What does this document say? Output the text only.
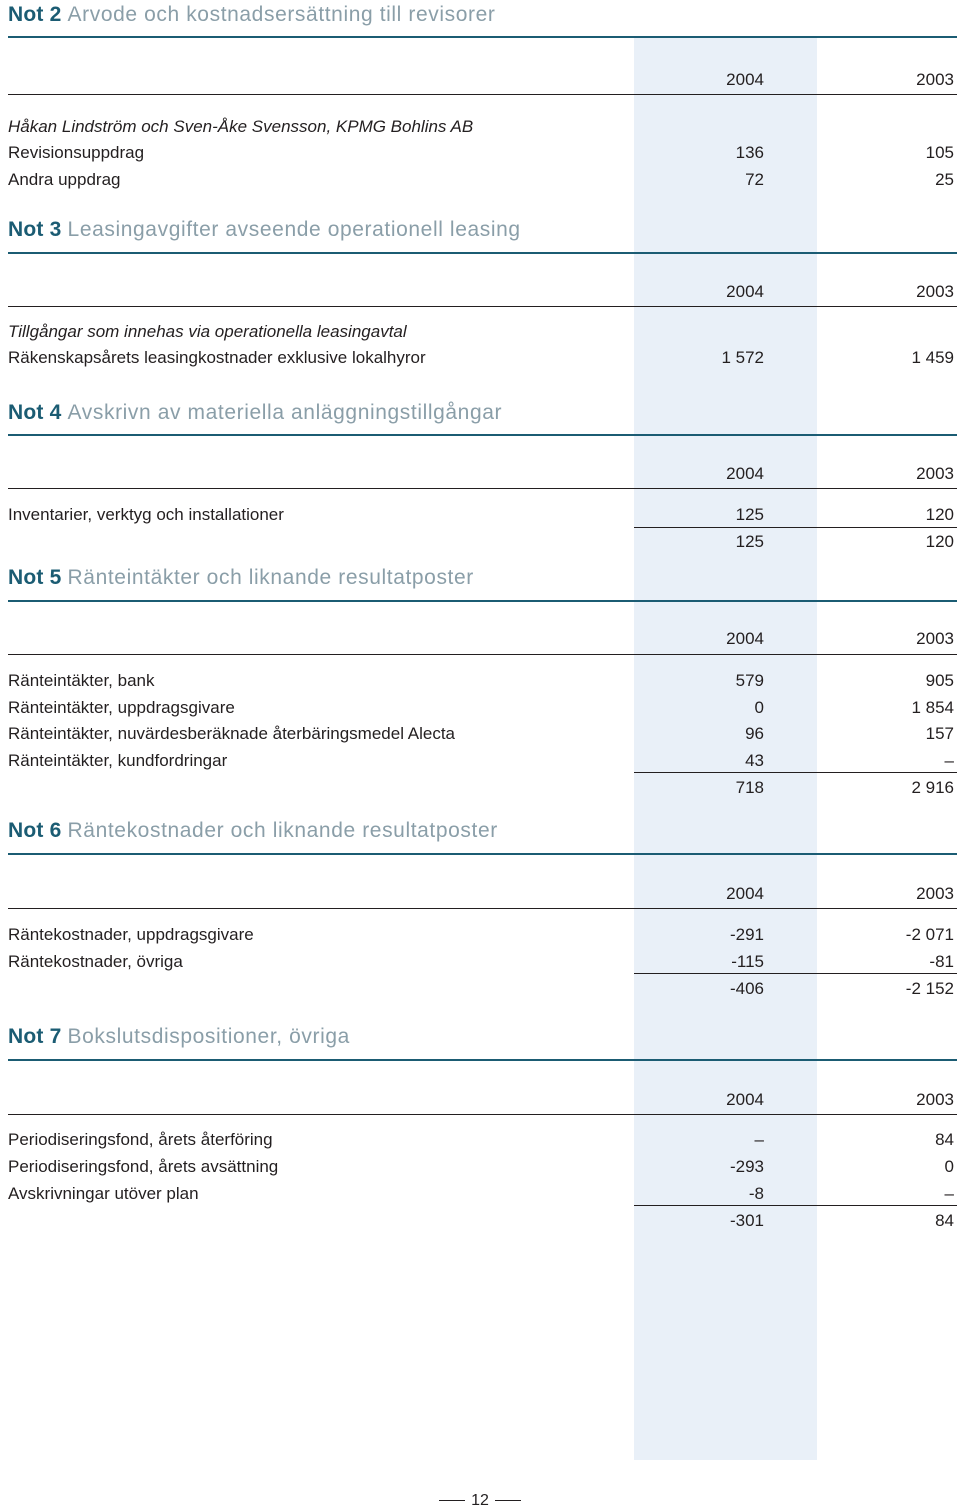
Not 2 Arvode och kostnadsersättning till revisorer
2004	2003
Håkan Lindström och Sven-Åke Svensson, KPMG Bohlins AB
Revisionsuppdrag	136	105
Andra uppdrag	72	25
Not 3 Leasingavgifter avseende operationell leasing
2004	2003
Tillgångar som innehas via operationella leasingavtal
Räkenskapsårets leasingkostnader exklusive lokalhyror	1 572	1 459
Not 4 Avskrivn av materiella anläggningstillgångar
2004	2003
Inventarier, verktyg och installationer	125	120
125	120
Not 5 Ränteintäkter och liknande resultatposter
2004	2003
Ränteintäkter, bank	579	905
Ränteintäkter, uppdragsgivare	0	1 854
Ränteintäkter, nuvärdesberäknade återbäringsmedel Alecta	96	157
Ränteintäkter, kundfordringar	43	–
718	2 916
Not 6 Räntekostnader och liknande resultatposter
2004	2003
Räntekostnader, uppdragsgivare	-291	-2 071
Räntekostnader, övriga	-115	-81
-406	-2 152
Not 7 Bokslutsdispositioner, övriga
2004	2003
Periodiseringsfond, årets återföring	–	84
Periodiseringsfond, årets avsättning	-293	0
Avskrivningar utöver plan	-8	–
-301	84
12
